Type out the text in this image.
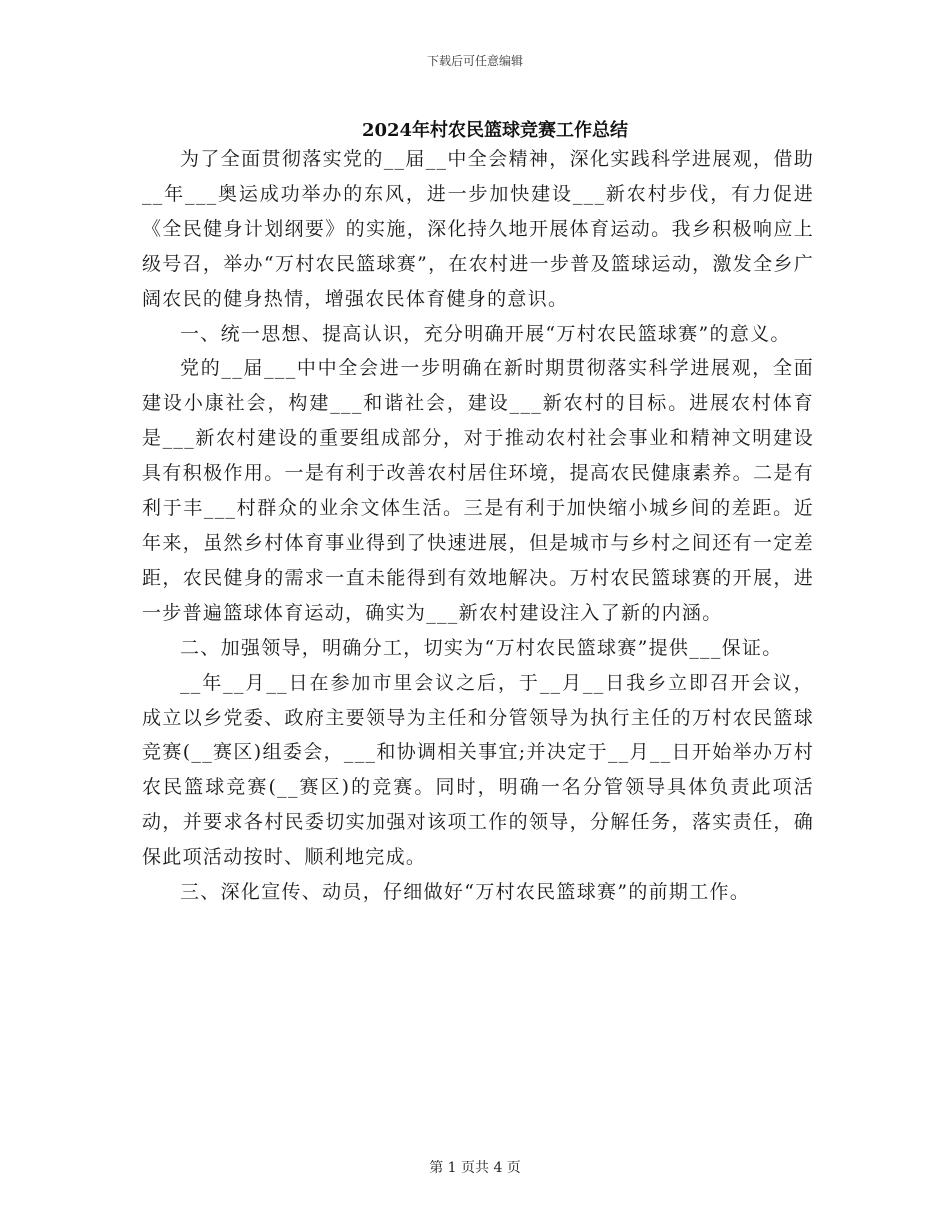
下载后可任意编辑
2024年村农民篮球竞赛工作总结

为了全面贯彻落实党的__届__中全会精神，深化实践科学进展观，借助__年___奥运成功举办的东风，进一步加快建设___新农村步伐，有力促进《全民健身计划纲要》的实施，深化持久地开展体育运动。我乡积极响应上级号召，举办“万村农民篮球赛”，在农村进一步普及篮球运动，激发全乡广阔农民的健身热情，增强农民体育健身的意识。

一、统一思想、提高认识，充分明确开展“万村农民篮球赛”的意义。

党的__届___中中全会进一步明确在新时期贯彻落实科学进展观，全面建设小康社会，构建___和谐社会，建设___新农村的目标。进展农村体育是___新农村建设的重要组成部分，对于推动农村社会事业和精神文明建设具有积极作用。一是有利于改善农村居住环境，提高农民健康素养。二是有利于丰___村群众的业余文体生活。三是有利于加快缩小城乡间的差距。近年来，虽然乡村体育事业得到了快速进展，但是城市与乡村之间还有一定差距，农民健身的需求一直未能得到有效地解决。万村农民篮球赛的开展，进一步普遍篮球体育运动，确实为___新农村建设注入了新的内涵。

二、加强领导，明确分工，切实为“万村农民篮球赛”提供___保证。

__年__月__日在参加市里会议之后，于__月__日我乡立即召开会议，成立以乡党委、政府主要领导为主任和分管领导为执行主任的万村农民篮球竞赛(__赛区)组委会，___和协调相关事宜;并决定于__月__日开始举办万村农民篮球竞赛(__赛区)的竞赛。同时，明确一名分管领导具体负责此项活动，并要求各村民委切实加强对该项工作的领导，分解任务，落实责任，确保此项活动按时、顺利地完成。

三、深化宣传、动员，仔细做好“万村农民篮球赛”的前期工作。

第 1 页共 4 页
